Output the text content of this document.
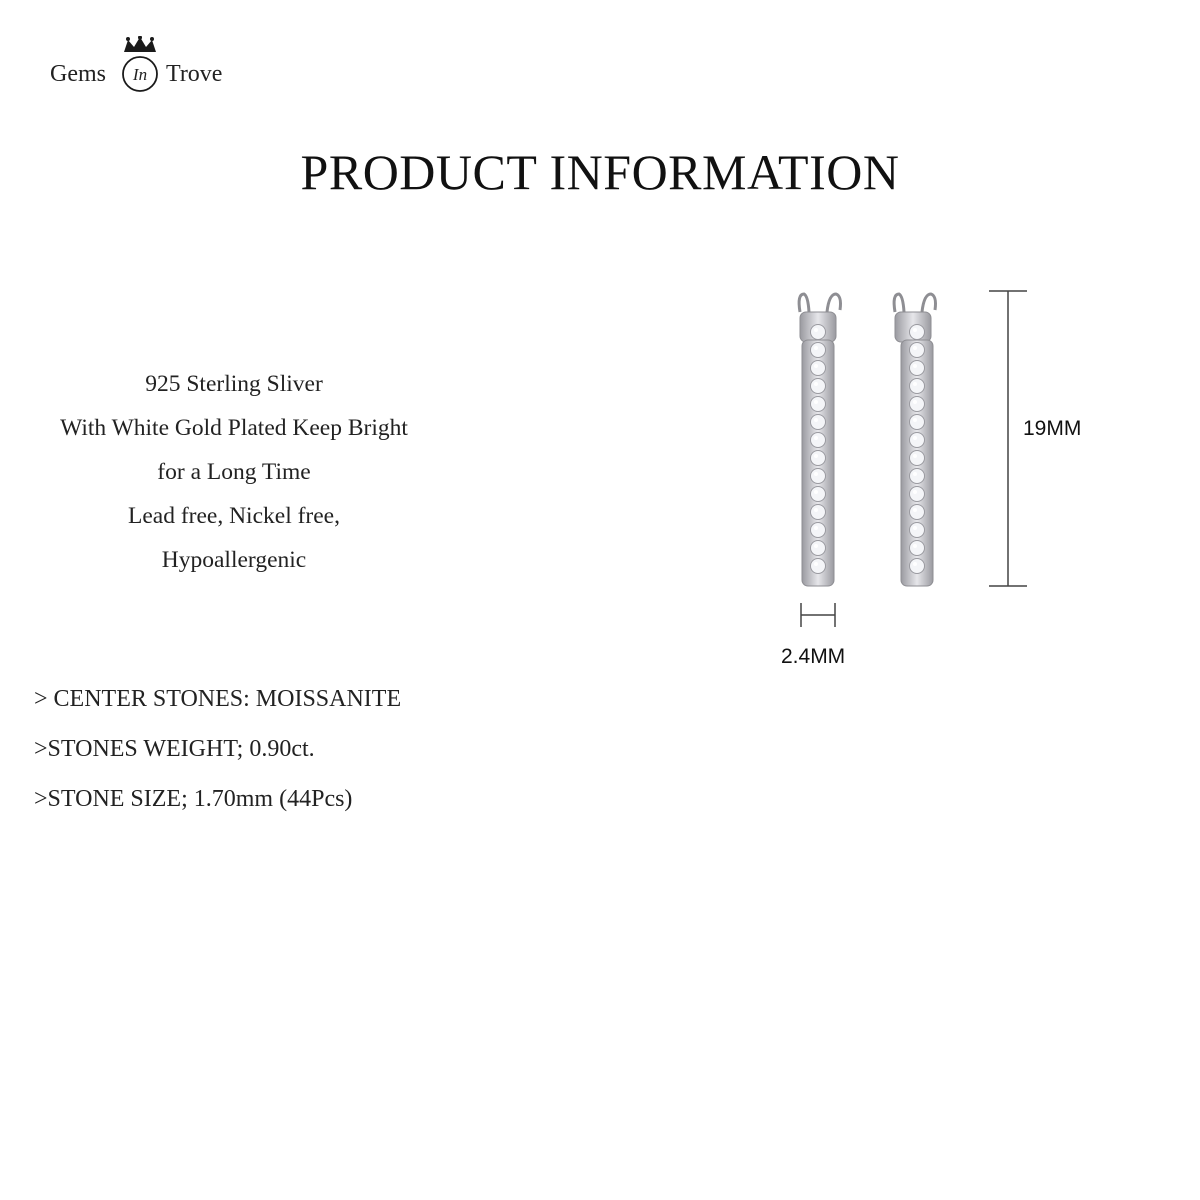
Gems	In Trove
PRODUCT INFORMATION
925 Sterling Sliver
With White Gold Plated Keep Bright
for a Long Time
Lead free, Nickel free,
Hypoallergenic
> CENTER STONES: MOISSANITE
>STONES WEIGHT; 0.90ct.
>STONE SIZE; 1.70mm (44Pcs)
19MM
2.4MM
